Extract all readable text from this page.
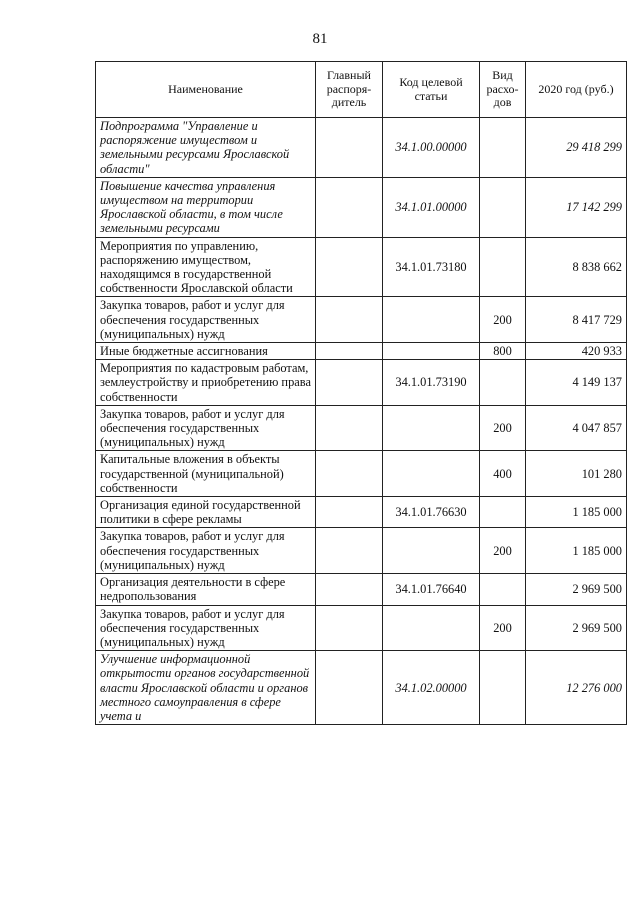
81
Наименование	Главный распоря-дитель	Код целевой статьи	Вид расхо-дов	2020 год (руб.)
Подпрограмма "Управление и распоряжение имуществом и земельными ресурсами Ярославской области"		34.1.00.00000		29 418 299
Повышение качества управления имуществом на территории Ярославской области, в том числе земельными ресурсами		34.1.01.00000		17 142 299
Мероприятия по управлению, распоряжению имуществом, находящимся в государственной собственности Ярославской области		34.1.01.73180		8 838 662
Закупка товаров, работ и услуг для обеспечения государственных (муниципальных) нужд			200	8 417 729
Иные бюджетные ассигнования			800	420 933
Мероприятия по кадастровым работам, землеустройству и приобретению права собственности		34.1.01.73190		4 149 137
Закупка товаров, работ и услуг для обеспечения государственных (муниципальных) нужд			200	4 047 857
Капитальные вложения в объекты государственной (муниципальной) собственности			400	101 280
Организация единой государственной политики в сфере рекламы		34.1.01.76630		1 185 000
Закупка товаров, работ и услуг для обеспечения государственных (муниципальных) нужд			200	1 185 000
Организация деятельности в сфере недропользования		34.1.01.76640		2 969 500
Закупка товаров, работ и услуг для обеспечения государственных (муниципальных) нужд			200	2 969 500
Улучшение информационной открытости органов государственной власти Ярославской области и органов местного самоуправления в сфере учета и		34.1.02.00000		12 276 000
